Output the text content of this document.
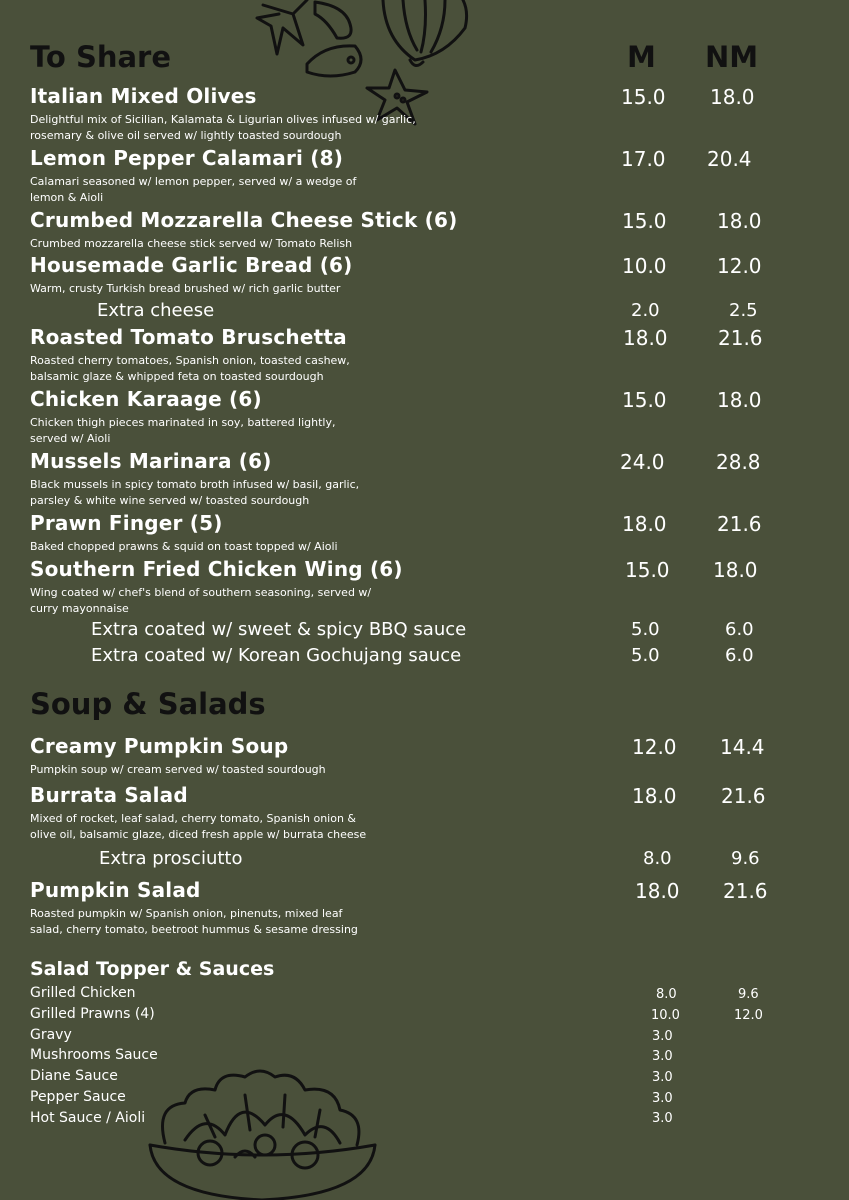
To Share	M NM
Italian Mixed Olives	15.0 18.0
Delightful mix of Sicilian, Kalamata & Ligurian olives infused w/ garlic, rosemary & olive oil served w/ lightly toasted sourdough
Lemon Pepper Calamari (8)	17.0 20.4
Calamari seasoned w/ lemon pepper, served w/ a wedge of lemon & Aioli
Crumbed Mozzarella Cheese Stick (6)	15.0	18.0
Crumbed mozzarella cheese stick served w/ Tomato Relish
Housemade Garlic Bread (6)	10.0	12.0
Warm, crusty Turkish bread brushed w/ rich garlic butter
Extra cheese	2.0	2.5
Roasted Tomato Bruschetta	18.0	21.6
Roasted cherry tomatoes, Spanish onion, toasted cashew, balsamic glaze & whipped feta on toasted sourdough
Chicken Karaage (6)	15.0	18.0
Chicken thigh pieces marinated in soy, battered lightly, served w/ Aioli
Mussels Marinara (6)	24.0	28.8
Black mussels in spicy tomato broth infused w/ basil, garlic, parsley & white wine served w/ toasted sourdough
Prawn Finger (5)	18.0	21.6
Baked chopped prawns & squid on toast topped w/ Aioli
Southern Fried Chicken Wing (6)	15.0 18.0
Wing coated w/ chef's blend of southern seasoning, served w/ curry mayonnaise
Extra coated w/ sweet & spicy BBQ sauce	5.0	6.0
Extra coated w/ Korean Gochujang sauce	5.0	6.0
Soup & Salads
Creamy Pumpkin Soup	12.0 14.4
Pumpkin soup w/ cream served w/ toasted sourdough
Burrata Salad	18.0 21.6
Mixed of rocket, leaf salad, cherry tomato, Spanish onion & olive oil, balsamic glaze, diced fresh apple w/ burrata cheese
Extra prosciutto	8.0	9.6
Pumpkin Salad	18.0 21.6
Roasted pumpkin w/ Spanish onion, pinenuts, mixed leaf salad, cherry tomato, beetroot hummus & sesame dressing
Salad Topper & Sauces
Grilled Chicken	8.0	9.6
Grilled Prawns (4)	10.0	12.0
Gravy	3.0
Mushrooms Sauce	3.0
Diane Sauce	3.0
Pepper Sauce	3.0
Hot Sauce / Aioli	3.0
